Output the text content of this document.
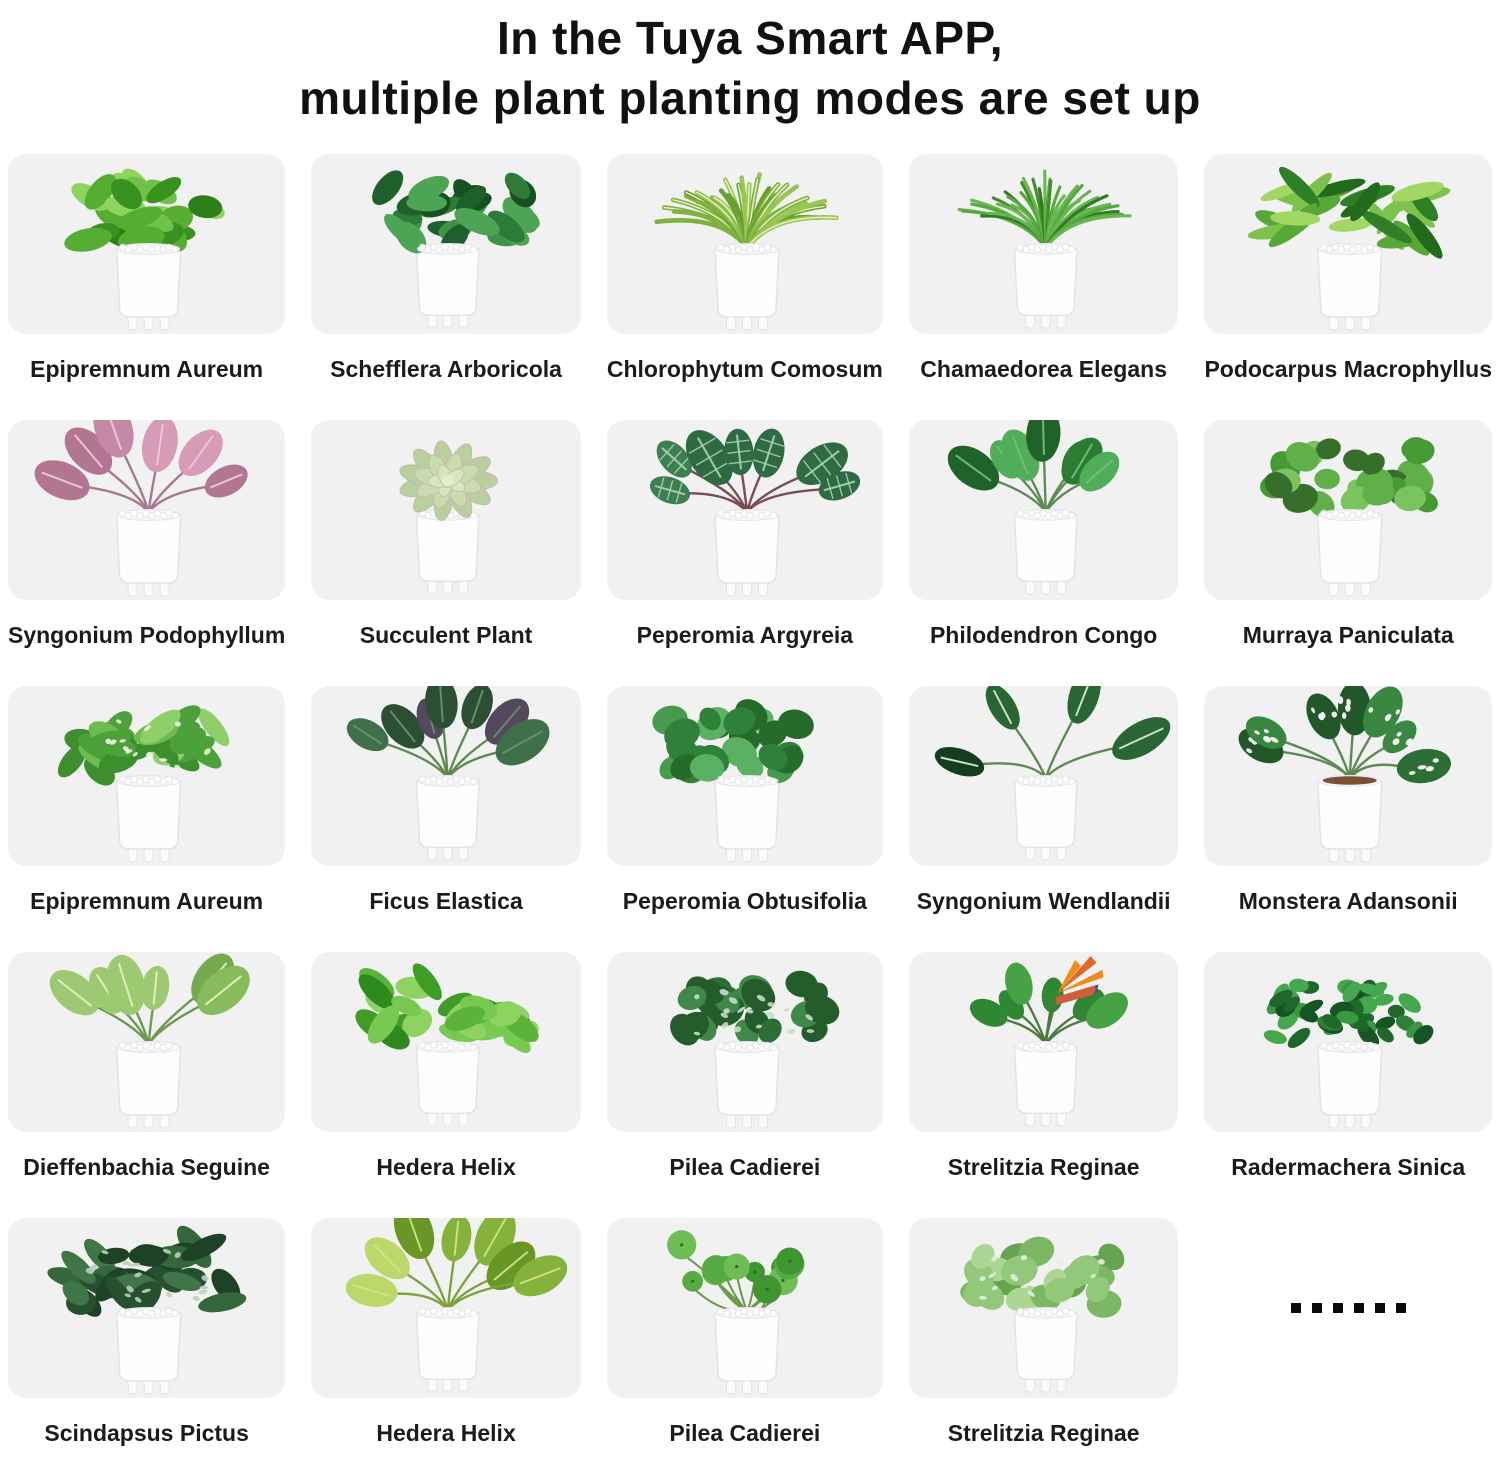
In the Tuya Smart APP,
multiple plant planting modes are set up
Epipremnum Aureum	Schefflera Arboricola	Chlorophytum Comosum	Chamaedorea Elegans	Podocarpus Macrophyllus
Syngonium Podophyllum	Succulent Plant	Peperomia Argyreia	Philodendron Congo	Murraya Paniculata
Epipremnum Aureum	Ficus Elastica	Peperomia Obtusifolia	Syngonium Wendlandii	Monstera Adansonii
Dieffenbachia Seguine	Hedera Helix	Pilea Cadierei	Strelitzia Reginae	Radermachera Sinica
Scindapsus Pictus	Hedera Helix	Pilea Cadierei	Strelitzia Reginae
